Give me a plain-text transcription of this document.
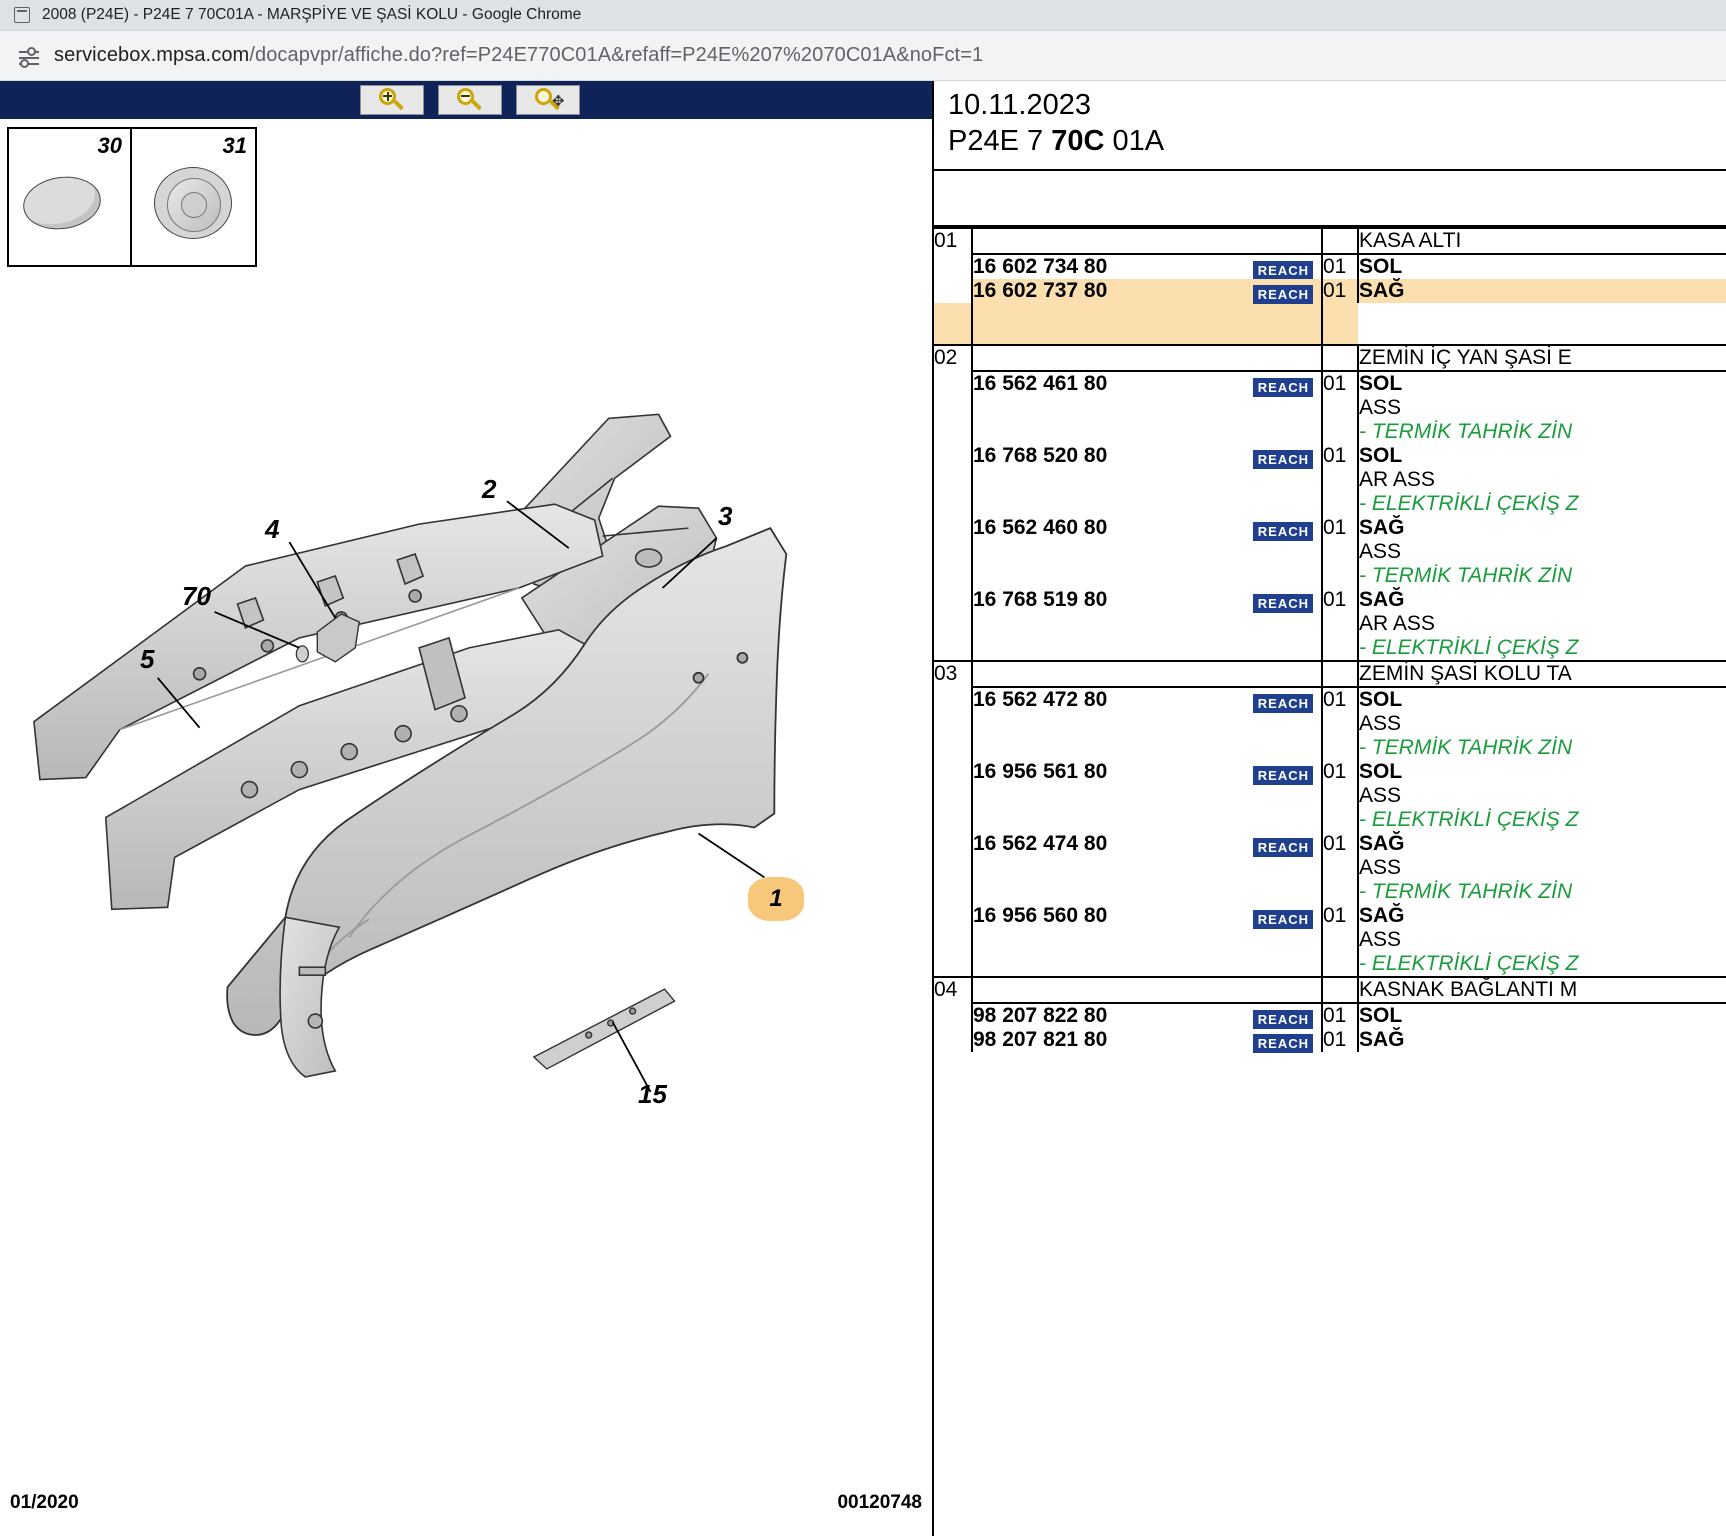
2008 (P24E) - P24E 7 70C01A - MARŞPİYE VE ŞASİ KOLU - Google Chrome
servicebox.mpsa.com/docapvpr/affiche.do?ref=P24E770C01A&refaff=P24E%207%2070C01A&noFct=1
✥
30	31
2
3
4
70
5
15
1
01/2020	00120748
10.11.2023
P24E 7 70C 01A
01			KASA ALTI
	16 602 734 80 REACH	01	SOL

	16 602 737 80 REACH	01	SAĞ

02			ZEMİN İÇ YAN ŞASİ E
16 562 461 80	REACH	01	SOL
ASS
- TERMİK TAHRİK ZİN

16 768 520 80	REACH	01	SOL
AR ASS
- ELEKTRİKLİ ÇEKİŞ Z

16 562 460 80	REACH	01	SAĞ
ASS
- TERMİK TAHRİK ZİN

16 768 519 80	REACH	01	SAĞ
AR ASS
- ELEKTRİKLİ ÇEKİŞ Z

03			ZEMİN ŞASİ KOLU TA
16 562 472 80	REACH	01	SOL
ASS
- TERMİK TAHRİK ZİN

16 956 561 80	REACH	01	SOL
ASS
- ELEKTRİKLİ ÇEKİŞ Z

16 562 474 80	REACH	01	SAĞ
ASS
- TERMİK TAHRİK ZİN

16 956 560 80	REACH	01	SAĞ
ASS
- ELEKTRİKLİ ÇEKİŞ Z

04			KASNAK BAĞLANTI M
	98 207 822 80 REACH	01	SOL

	98 207 821 80 REACH	01	SAĞ
